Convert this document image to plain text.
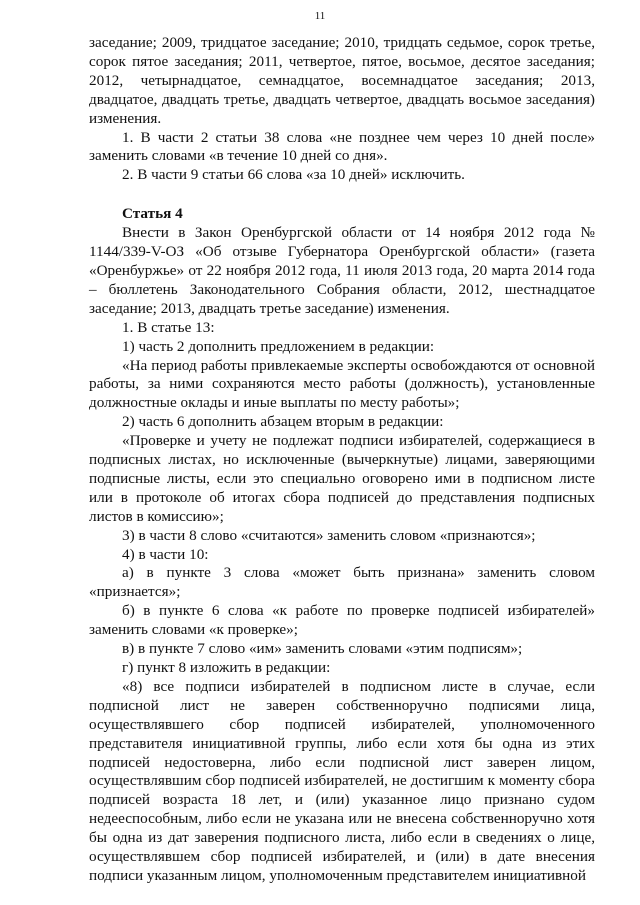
11

заседание; 2009, тридцатое заседание; 2010, тридцать седьмое, сорок третье, сорок пятое заседания; 2011, четвертое, пятое, восьмое, десятое заседания; 2012, четырнадцатое, семнадцатое, восемнадцатое заседания; 2013, двадцатое, двадцать третье, двадцать четвертое, двадцать восьмое заседания) изменения.

1. В части 2 статьи 38 слова «не позднее чем через 10 дней после» заменить словами «в течение 10 дней со дня».

2. В части 9 статьи 66 слова «за 10 дней» исключить.

Статья 4

Внести в Закон Оренбургской области от 14 ноября 2012 года № 1144/339-V-ОЗ «Об отзыве Губернатора Оренбургской области» (газета «Оренбуржье» от 22 ноября 2012 года, 11 июля 2013 года, 20 марта 2014 года – бюллетень Законодательного Собрания области, 2012, шестнадцатое заседание; 2013, двадцать третье заседание) изменения.

1. В статье 13:

1) часть 2 дополнить предложением в редакции:

«На период работы привлекаемые эксперты освобождаются от основной работы, за ними сохраняются место работы (должность), установленные должностные оклады и иные выплаты по месту работы»;

2) часть 6 дополнить абзацем вторым в редакции:

«Проверке и учету не подлежат подписи избирателей, содержащиеся в подписных листах, но исключенные (вычеркнутые) лицами, заверяющими подписные листы, если это специально оговорено ими в подписном листе или в протоколе об итогах сбора подписей до представления подписных листов в комиссию»;

3) в части 8 слово «считаются» заменить словом «признаются»;

4) в части 10:

а) в пункте 3 слова «может быть признана» заменить словом «признается»;

б) в пункте 6 слова «к работе по проверке подписей избирателей» заменить словами «к проверке»;

в) в пункте 7 слово «им» заменить словами «этим подписям»;

г) пункт 8 изложить в редакции:

«8) все подписи избирателей в подписном листе в случае, если подписной лист не заверен собственноручно подписями лица, осуществлявшего сбор подписей избирателей, уполномоченного представителя инициативной группы, либо если хотя бы одна из этих подписей недостоверна, либо если подписной лист заверен лицом, осуществлявшим сбор подписей избирателей, не достигшим к моменту сбора подписей возраста 18 лет, и (или) указанное лицо признано судом недееспособным, либо если не указана или не внесена собственноручно хотя бы одна из дат заверения подписного листа, либо если в сведениях о лице, осуществлявшем сбор подписей избирателей, и (или) в дате внесения подписи указанным лицом, уполномоченным представителем инициативной
